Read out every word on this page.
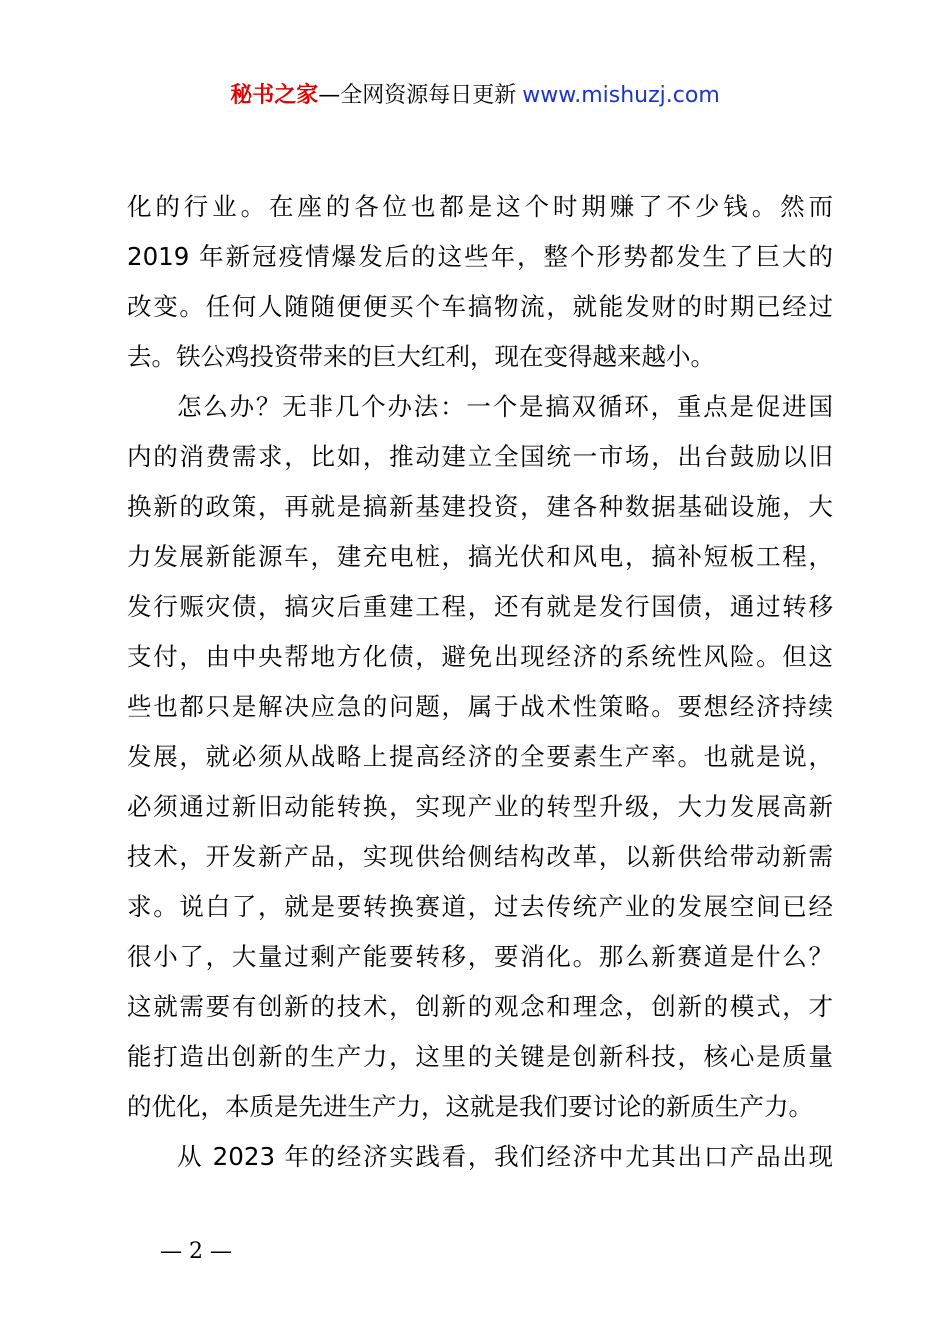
秘书之家—全网资源每日更新 www.mishuzj.com

化的行业。在座的各位也都是这个时期赚了不少钱。然而

2019 年新冠疫情爆发后的这些年，整个形势都发生了巨大的

改变。任何人随随便便买个车搞物流，就能发财的时期已经过

去。铁公鸡投资带来的巨大红利，现在变得越来越小。

怎么办？无非几个办法：一个是搞双循环，重点是促进国

内的消费需求，比如，推动建立全国统一市场，出台鼓励以旧

换新的政策，再就是搞新基建投资，建各种数据基础设施，大

力发展新能源车，建充电桩，搞光伏和风电，搞补短板工程，

发行赈灾债，搞灾后重建工程，还有就是发行国债，通过转移

支付，由中央帮地方化债，避免出现经济的系统性风险。但这

些也都只是解决应急的问题，属于战术性策略。要想经济持续

发展，就必须从战略上提高经济的全要素生产率。也就是说，

必须通过新旧动能转换，实现产业的转型升级，大力发展高新

技术，开发新产品，实现供给侧结构改革，以新供给带动新需

求。说白了，就是要转换赛道，过去传统产业的发展空间已经

很小了，大量过剩产能要转移，要消化。那么新赛道是什么？

这就需要有创新的技术，创新的观念和理念，创新的模式，才

能打造出创新的生产力，这里的关键是创新科技，核心是质量

的优化，本质是先进生产力，这就是我们要讨论的新质生产力。

从 2023 年的经济实践看，我们经济中尤其出口产品出现

— 2 —
